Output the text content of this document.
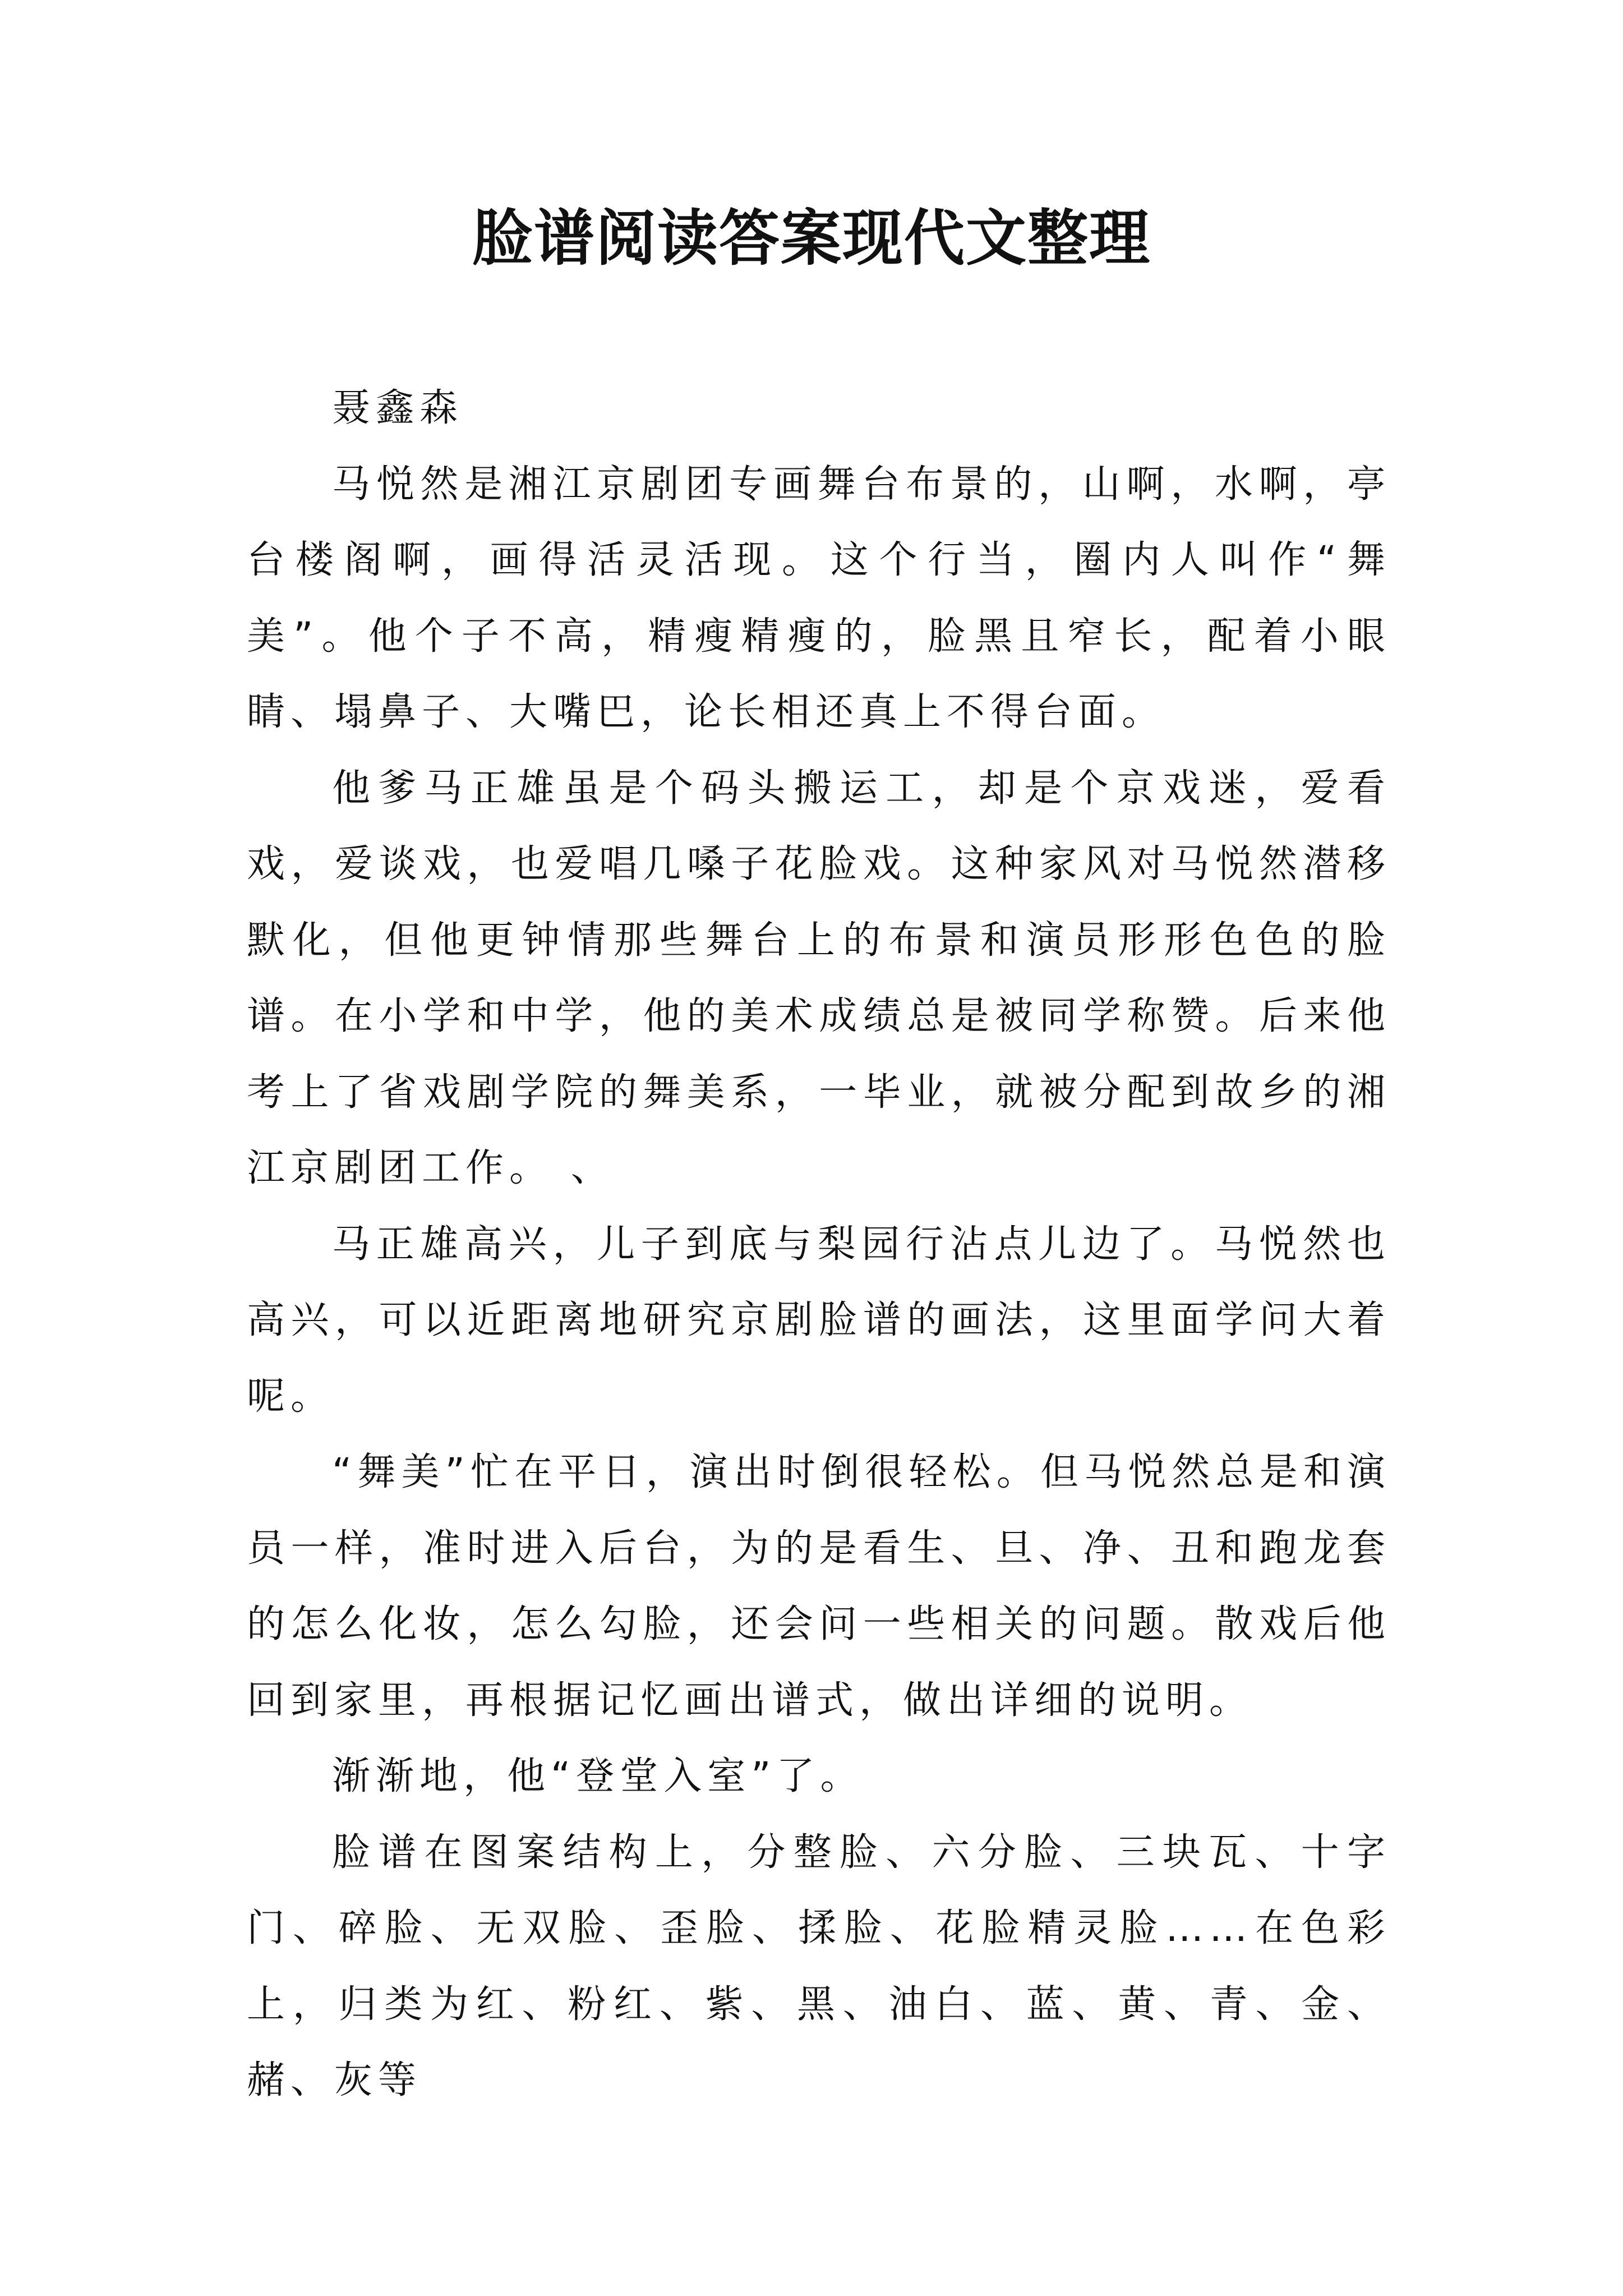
脸谱阅读答案现代文整理

聂鑫森

马悦然是湘江京剧团专画舞台布景的，山啊，水啊，亭台楼阁啊，画得活灵活现。这个行当，圈内人叫作“舞美”。他个子不高，精瘦精瘦的，脸黑且窄长，配着小眼睛、塌鼻子、大嘴巴，论长相还真上不得台面。

他爹马正雄虽是个码头搬运工，却是个京戏迷，爱看戏，爱谈戏，也爱唱几嗓子花脸戏。这种家风对马悦然潜移默化，但他更钟情那些舞台上的布景和演员形形色色的脸谱。在小学和中学，他的美术成绩总是被同学称赞。后来他考上了省戏剧学院的舞美系，一毕业，就被分配到故乡的湘江京剧团工作。 、

马正雄高兴，儿子到底与梨园行沾点儿边了。马悦然也高兴，可以近距离地研究京剧脸谱的画法，这里面学问大着呢。

“舞美”忙在平日，演出时倒很轻松。但马悦然总是和演员一样，准时进入后台，为的是看生、旦、净、丑和跑龙套的怎么化妆，怎么勾脸，还会问一些相关的问题。散戏后他回到家里，再根据记忆画出谱式，做出详细的说明。

渐渐地，他“登堂入室”了。

脸谱在图案结构上，分整脸、六分脸、三块瓦、十字门、碎脸、无双脸、歪脸、揉脸、花脸精灵脸……在色彩上，归类为红、粉红、紫、黑、油白、蓝、黄、青、金、赭、灰等
